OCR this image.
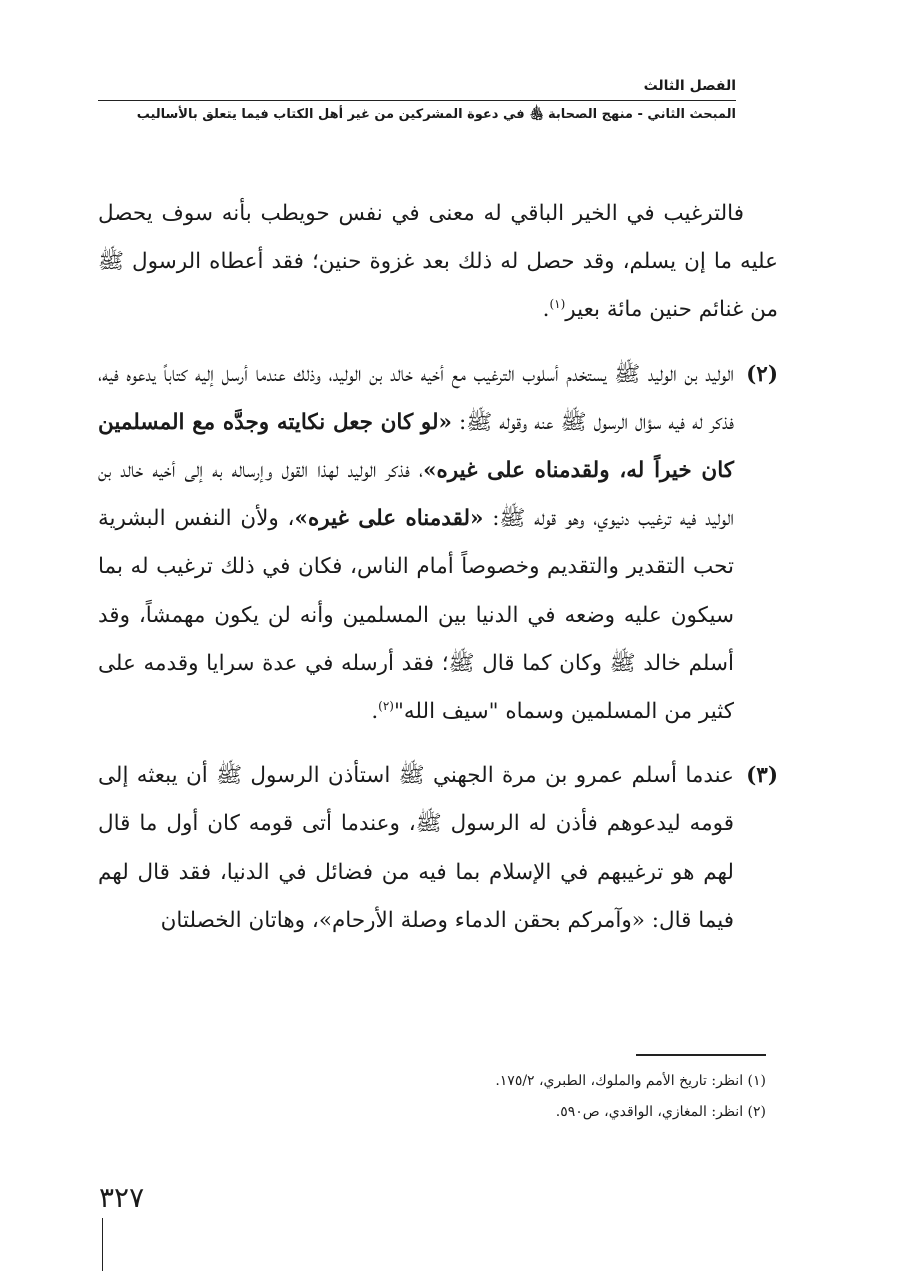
الفصل الثالث
المبحث الثاني - منهج الصحابة ﵃ في دعوة المشركين من غير أهل الكتاب فيما يتعلق بالأساليب

فالترغيب في الخير الباقي له معنى في نفس حويطب بأنه سوف يحصل عليه ما إن يسلم، وقد حصل له ذلك بعد غزوة حنين؛ فقد أعطاه الرسول ﷺ من غنائم حنين مائة بعير$^{(١)}$.

(٢)
الوليد بن الوليد ﷺ يستخدم أسلوب الترغيب مع أخيه خالد بن الوليد، وذلك عندما أرسل إليه كتاباً يدعوه فيه، فذكر له فيه سؤال الرسول ﷺ عنه وقوله ﷺ: «لو كان جعل نكايته وجدَّه مع المسلمين كان خيراً له، ولقدمناه على غيره»، فذكر الوليد لهذا القول وإرساله به إلى أخيه خالد بن الوليد فيه ترغيب دنيوي، وهو قوله ﷺ: «لقدمناه على غيره»، ولأن النفس البشرية تحب التقدير والتقديم وخصوصاً أمام الناس، فكان في ذلك ترغيب له بما سيكون عليه وضعه في الدنيا بين المسلمين وأنه لن يكون مهمشاً، وقد أسلم خالد ﷺ وكان كما قال ﷺ؛ فقد أرسله في عدة سرايا وقدمه على كثير من المسلمين وسماه "سيف الله"$^{(٢)}$.

(٣)
عندما أسلم عمرو بن مرة الجهني ﷺ استأذن الرسول ﷺ أن يبعثه إلى قومه ليدعوهم فأذن له الرسول ﷺ، وعندما أتى قومه كان أول ما قال لهم هو ترغيبهم في الإسلام بما فيه من فضائل في الدنيا، فقد قال لهم فيما قال: «وآمركم بحقن الدماء وصلة الأرحام»، وهاتان الخصلتان

(١) انظر: تاريخ الأمم والملوك، الطبري، ١٧٥/٢.

(٢) انظر: المغازي، الواقدي، ص٥٩٠.

٣٢٧
